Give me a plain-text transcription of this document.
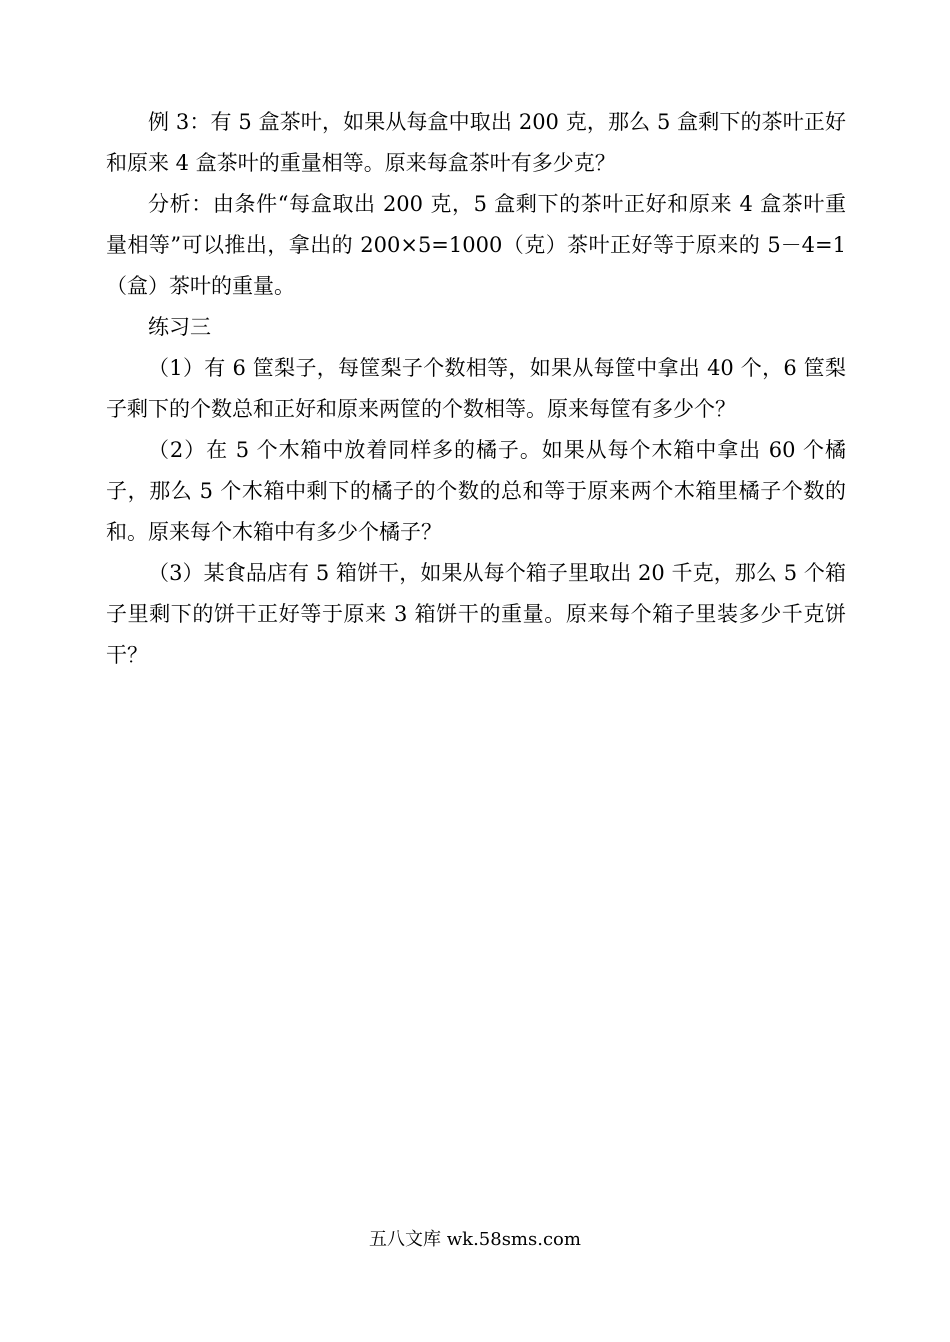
例 3：有 5 盒茶叶，如果从每盒中取出 200 克，那么 5 盒剩下的茶叶正好和原来 4 盒茶叶的重量相等。原来每盒茶叶有多少克？

分析：由条件“每盒取出 200 克，5 盒剩下的茶叶正好和原来 4 盒茶叶重量相等”可以推出，拿出的 200×5=1000（克）茶叶正好等于原来的 5－4=1（盒）茶叶的重量。

练习三

（1）有 6 筐梨子，每筐梨子个数相等，如果从每筐中拿出 40 个，6 筐梨子剩下的个数总和正好和原来两筐的个数相等。原来每筐有多少个？

（2）在 5 个木箱中放着同样多的橘子。如果从每个木箱中拿出 60 个橘子，那么 5 个木箱中剩下的橘子的个数的总和等于原来两个木箱里橘子个数的和。原来每个木箱中有多少个橘子？

（3）某食品店有 5 箱饼干，如果从每个箱子里取出 20 千克，那么 5 个箱子里剩下的饼干正好等于原来 3 箱饼干的重量。原来每个箱子里装多少千克饼干？

五八文库 wk.58sms.com
